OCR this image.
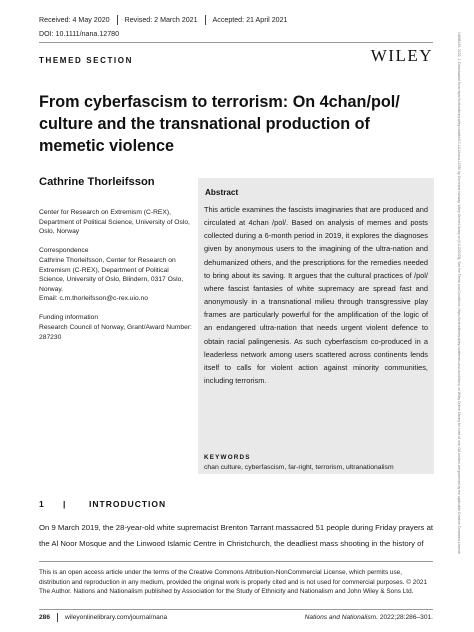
Received: 4 May 2020 Revised: 2 March 2021 Accepted: 21 April 2021
DOI: 10.1111/nana.12780
THEMED SECTION	WILEY
From cyberfascism to terrorism: On 4chan/pol/ culture and the transnational production of memetic violence
Cathrine Thorleifsson
Center for Research on Extremism (C-REX), Department of Political Science, University of Oslo, Oslo, Norway
Correspondence
Cathrine Thorleifsson, Center for Research on Extremism (C-REX), Department of Political Science, University of Oslo, Blindern, 0317 Oslo, Norway.
Email: c.m.thorleifsson@c-rex.uio.no
Funding information
Research Council of Norway, Grant/Award Number: 287230
Abstract

This article examines the fascists imaginaries that are produced and circulated at 4chan /pol/. Based on analysis of memes and posts collected during a 6-month period in 2019, it explores the diagnoses given by anonymous users to the imagining of the ultra-nation and dehumanized others, and the prescriptions for the remedies needed to bring about its saving. It argues that the cultural practices of /pol/ where fascist fantasies of white supremacy are spread fast and anonymously in a transnational milieu through transgressive play frames are particularly powerful for the amplification of the logic of an endangered ultra-nation that needs urgent violent defence to obtain racial palingenesis. As such cyberfascism co-produced in a leaderless network among users scattered across continents lends itself to calls for violent action against minority communities, including terrorism.

KEYWORDS
chan culture, cyberfascism, far-right, terrorism, ultranationalism
1	|	INTRODUCTION

On 9 March 2019, the 28-year-old white supremacist Brenton Tarrant massacred 51 people during Friday prayers at the Al Noor Mosque and the Linwood Islamic Centre in Christchurch, the deadliest mass shooting in the history of

This is an open access article under the terms of the Creative Commons Attribution-NonCommercial License, which permits use, distribution and reproduction in any medium, provided the original work is properly cited and is not used for commercial purposes. © 2021 The Author. Nations and Nationalism published by Association for the Study of Ethnicity and Nationalism and John Wiley & Sons Ltd.

286 wileyonlinelibrary.com/journal/nana	Nations and Nationalism. 2022;28:286–301.
14698129, 2022, 1, Downloaded from https://onlinelibrary.wiley.com/doi/10.1111/nana.12780 by Cochrane Norway, Wiley Online Library on [01/12/2023]. See the Terms and Conditions (https://onlinelibrary.wiley.com/terms-and-conditions) on Wiley Online Library for rules of use; OA articles are governed by the applicable Creative Commons License
